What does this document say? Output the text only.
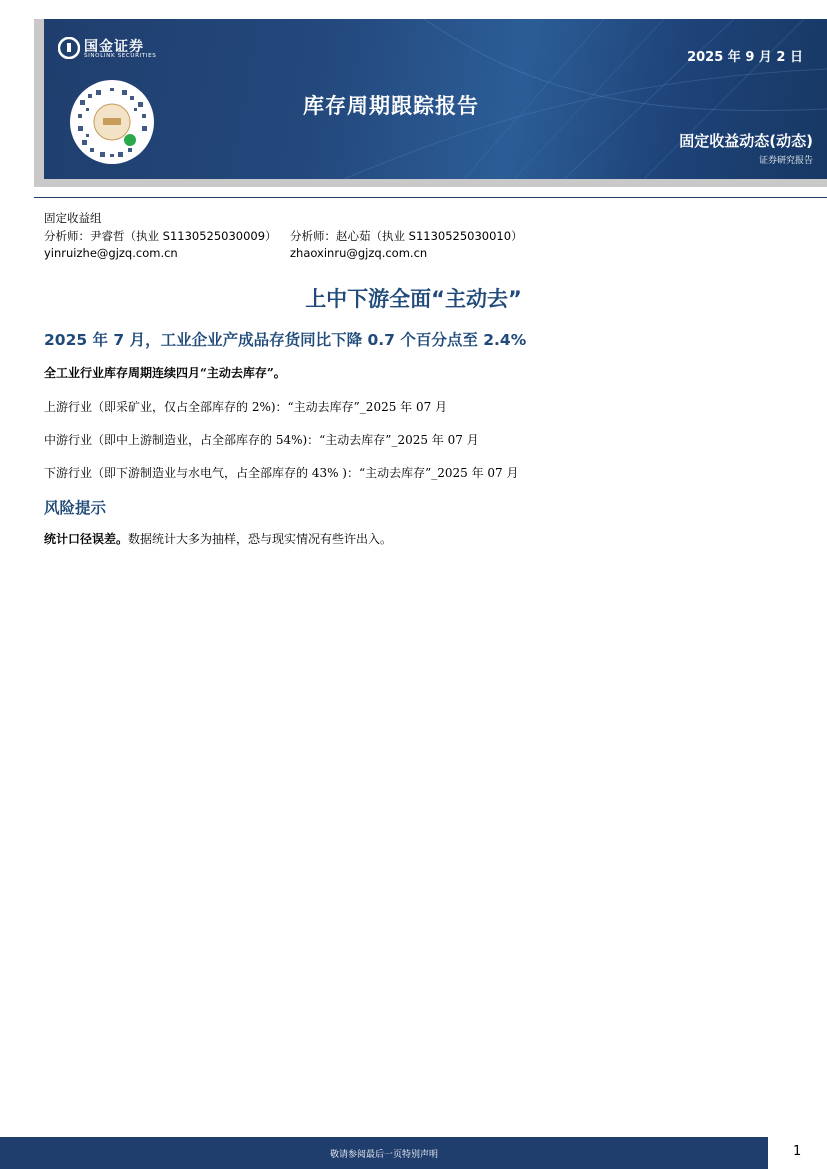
国金证券
SINOLINK SECURITIES	2025 年 9 月 2 日
库存周期跟踪报告
固定收益动态(动态)
证券研究报告
固定收益组
分析师：尹睿哲（执业 S1130525030009） 分析师：赵心茹（执业 S1130525030010）
yinruizhe@gjzq.com.cn	zhaoxinru@gjzq.com.cn
上中下游全面“主动去”
2025 年 7 月，工业企业产成品存货同比下降 0.7 个百分点至 2.4%
全工业行业库存周期连续四月“主动去库存”。
上游行业（即采矿业，仅占全部库存的 2%)：“主动去库存”_2025 年 07 月
中游行业（即中上游制造业，占全部库存的 54%)：“主动去库存”_2025 年 07 月
下游行业（即下游制造业与水电气，占全部库存的 43% )：“主动去库存”_2025 年 07 月
风险提示
统计口径误差。数据统计大多为抽样，恐与现实情况有些许出入。
敬请参阅最后一页特别声明	1
